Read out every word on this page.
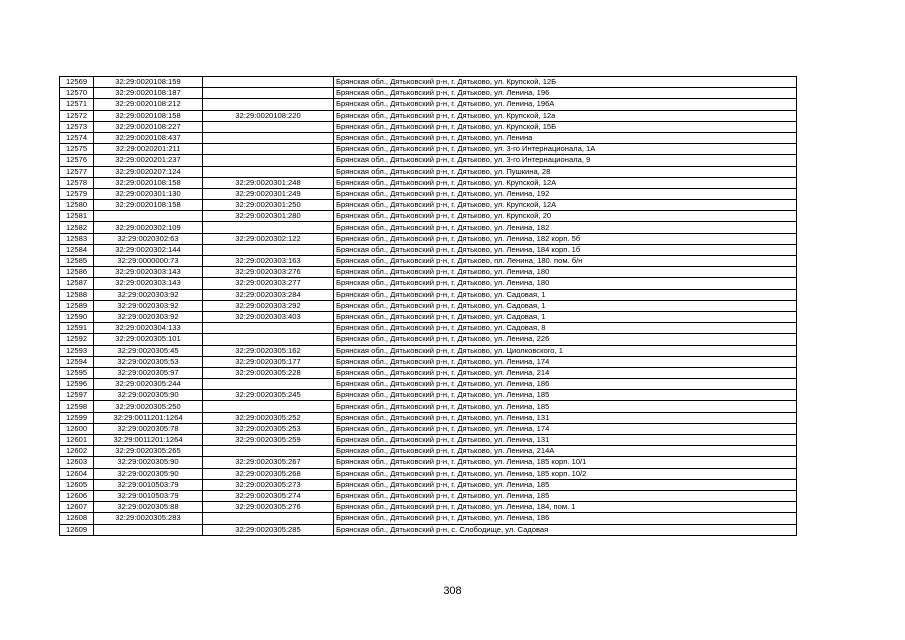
12569	32:29:0020108:159		Брянская обл., Дятьковский р-н, г. Дятьково, ул. Крупской, 12Б
12570	32:29:0020108:187		Брянская обл., Дятьковский р-н, г. Дятьково, ул. Ленина, 196
12571	32:29:0020108:212		Брянская обл., Дятьковский р-н, г. Дятьково, ул. Ленина, 196А
12572	32:29:0020108:158	32:29:0020108:220	Брянская обл., Дятьковский р-н, г. Дятьково, ул. Крупской, 12а
12573	32:29:0020108:227		Брянская обл., Дятьковский р-н, г. Дятьково, ул. Крупской, 15Б
12574	32:29:0020108:437		Брянская обл., Дятьковский р-н, г. Дятьково, ул. Ленина
12575	32:29:0020201:211		Брянская обл., Дятьковский р-н, г. Дятьково, ул. 3-го Интернационала, 1А
12576	32:29:0020201:237		Брянская обл., Дятьковский р-н, г. Дятьково, ул. 3-го Интернационала, 9
12577	32:29:0020207:124		Брянская обл., Дятьковский р-н, г. Дятьково, ул. Пушкина, 28
12578	32:29:0020108:158	32:29:0020301:248	Брянская обл., Дятьковский р-н, г. Дятьково, ул. Крупской, 12А
12579	32:29:0020301:130	32:29:0020301:249	Брянская обл., Дятьковский р-н, г. Дятьково, ул. Ленина, 192
12580	32:29:0020108:158	32:29:0020301:250	Брянская обл., Дятьковский р-н, г. Дятьково, ул. Крупской, 12А
12581		32:29:0020301:280	Брянская обл., Дятьковский р-н, г. Дятьково, ул. Крупской, 20
12582	32:29:0020302:109		Брянская обл., Дятьковский р-н, г. Дятьково, ул. Ленина, 182
12583	32:29:0020302:63	32:29:0020302:122	Брянская обл., Дятьковский р-н, г. Дятьково, ул. Ленина, 182 корп. 5б
12584	32:29:0020302:144		Брянская обл., Дятьковский р-н, г. Дятьково, ул. Ленина, 184 корп. 1б
12585	32:29:0000000:73	32:29:0020303:163	Брянская обл., Дятьковский р-н, г. Дятьково, пл. Ленина, 180. пом. б/н
12586	32:29:0020303:143	32:29:0020303:276	Брянская обл., Дятьковский р-н, г. Дятьково, ул. Ленина, 180
12587	32:29:0020303:143	32:29:0020303:277	Брянская обл., Дятьковский р-н, г. Дятьково, ул. Ленина, 180
12588	32:29:0020303:92	32:29:0020303:284	Брянская обл., Дятьковский р-н, г. Дятьково, ул. Садовая, 1
12589	32:29:0020303:92	32:29:0020303:292	Брянская обл., Дятьковский р-н, г. Дятьково, ул. Садовая, 1
12590	32:29:0020303:92	32:29:0020303:403	Брянская обл., Дятьковский р-н, г. Дятьково, ул. Садовая, 1
12591	32:29:0020304:133		Брянская обл., Дятьковский р-н, г. Дятьково, ул. Садовая, 8
12592	32:29:0020305:101		Брянская обл., Дятьковский р-н, г. Дятьково, ул. Ленина, 226
12593	32:29:0020305:45	32:29:0020305:162	Брянская обл., Дятьковский р-н, г. Дятьково, ул. Циолковского, 1
12594	32:29:0020305:53	32:29:0020305:177	Брянская обл., Дятьковский р-н, г. Дятьково, ул. Ленина, 174
12595	32:29:0020305:97	32:29:0020305:228	Брянская обл., Дятьковский р-н, г. Дятьково, ул. Ленина, 214
12596	32:29:0020305:244		Брянская обл., Дятьковский р-н, г. Дятьково, ул. Ленина, 186
12597	32:29:0020305:90	32:29:0020305:245	Брянская обл., Дятьковский р-н, г. Дятьково, ул. Ленина, 185
12598	32:29:0020305:250		Брянская обл., Дятьковский р-н, г. Дятьково, ул. Ленина, 185
12599	32:29:0011201:1264	32:29:0020305:252	Брянская обл., Дятьковский р-н, г. Дятьково, ул. Ленина, 131
12600	32:29:0020305:78	32:29:0020305:253	Брянская обл., Дятьковский р-н, г. Дятьково, ул. Ленина, 174
12601	32:29:0011201:1264	32:29:0020305:259	Брянская обл., Дятьковский р-н, г. Дятьково, ул. Ленина, 131
12602	32:29:0020305:265		Брянская обл., Дятьковский р-н, г. Дятьково, ул. Ленина, 214А
12603	32:29:0020305:90	32:29:0020305:267	Брянская обл., Дятьковский р-н, г. Дятьково, ул. Ленина, 185 корп. 10/1
12604	32:29:0020305:90	32:29:0020305:268	Брянская обл., Дятьковский р-н, г. Дятьково, ул. Ленина, 185 корп. 10/2
12605	32:29:0010503:79	32:29:0020305:273	Брянская обл., Дятьковский р-н, г. Дятьково, ул. Ленина, 185
12606	32:29:0010503:79	32:29:0020305:274	Брянская обл., Дятьковский р-н, г. Дятьково, ул. Ленина, 185
12607	32:29:0020305:88	32:29:0020305:276	Брянская обл., Дятьковский р-н, г. Дятьково, ул. Ленина, 184, пом. 1
12608	32:29:0020305:283		Брянская обл., Дятьковский р-н, г. Дятьково, ул. Ленина, 186
12609		32:29:0020305:285	Брянская обл., Дятьковский р-н, с. Слободище, ул. Садовая
308
